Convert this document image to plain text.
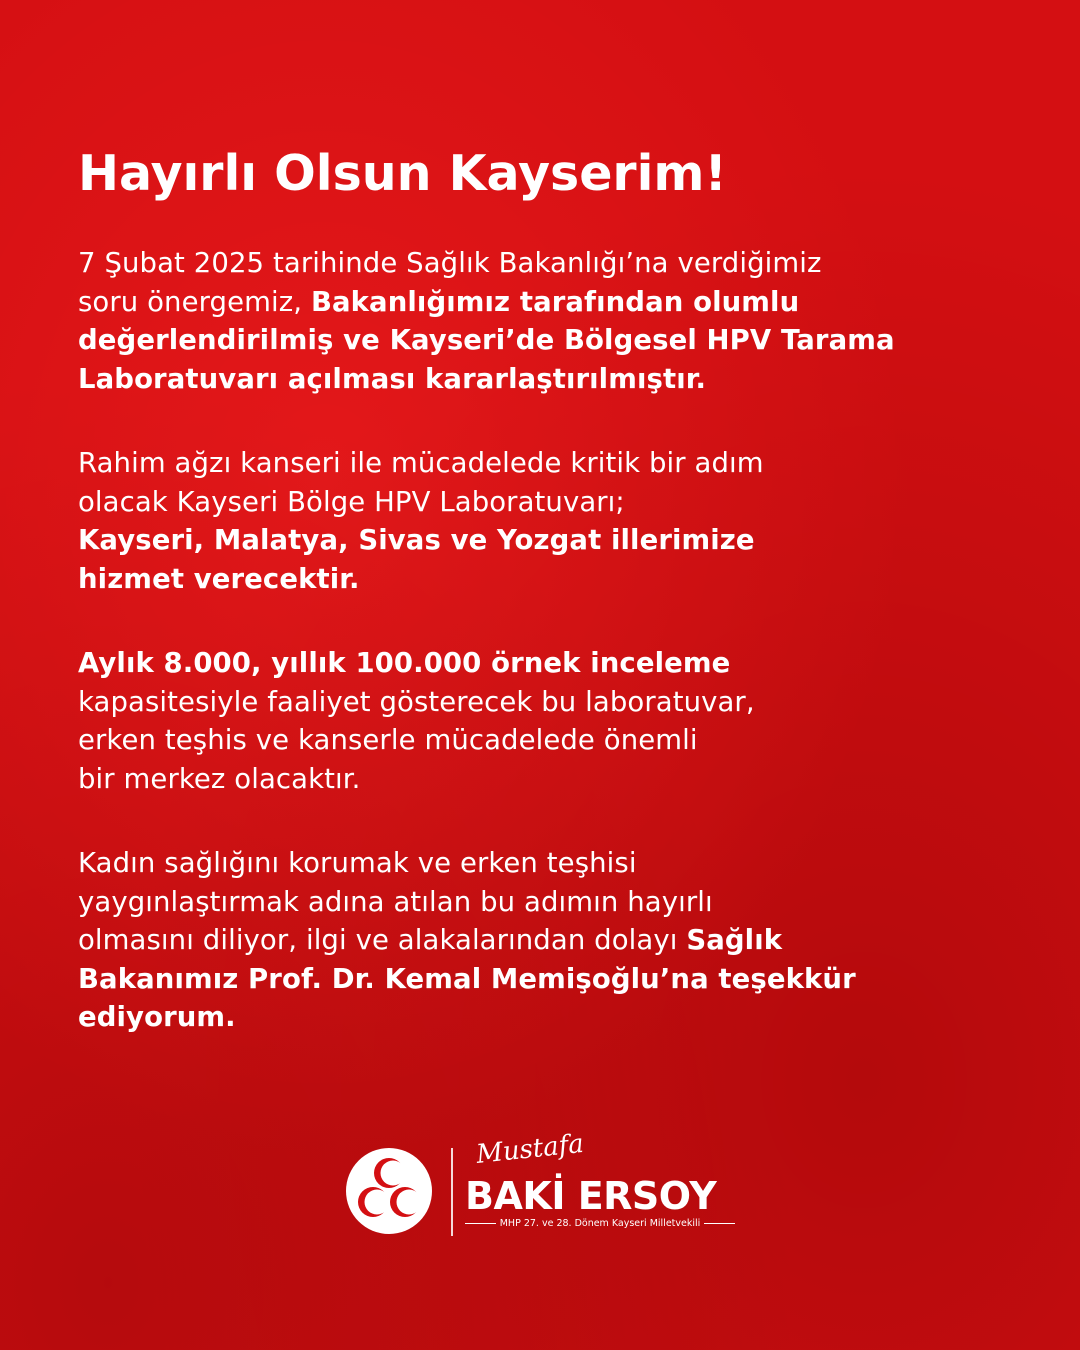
Hayırlı Olsun Kayserim!

7 Şubat 2025 tarihinde Sağlık Bakanlığı’na verdiğimiz
soru önergemiz, Bakanlığımız tarafından olumlu
değerlendirilmiş ve Kayseri’de Bölgesel HPV Tarama
Laboratuvarı açılması kararlaştırılmıştır.

Rahim ağzı kanseri ile mücadelede kritik bir adım
olacak Kayseri Bölge HPV Laboratuvarı;
Kayseri, Malatya, Sivas ve Yozgat illerimize
hizmet verecektir.

Aylık 8.000, yıllık 100.000 örnek inceleme
kapasitesiyle faaliyet gösterecek bu laboratuvar,
erken teşhis ve kanserle mücadelede önemli
bir merkez olacaktır.

Kadın sağlığını korumak ve erken teşhisi
yaygınlaştırmak adına atılan bu adımın hayırlı
olmasını diliyor, ilgi ve alakalarından dolayı Sağlık
Bakanımız Prof. Dr. Kemal Memişoğlu’na teşekkür
ediyorum.

Mustafa
BAKİ ERSOY
MHP 27. ve 28. Dönem Kayseri Milletvekili
